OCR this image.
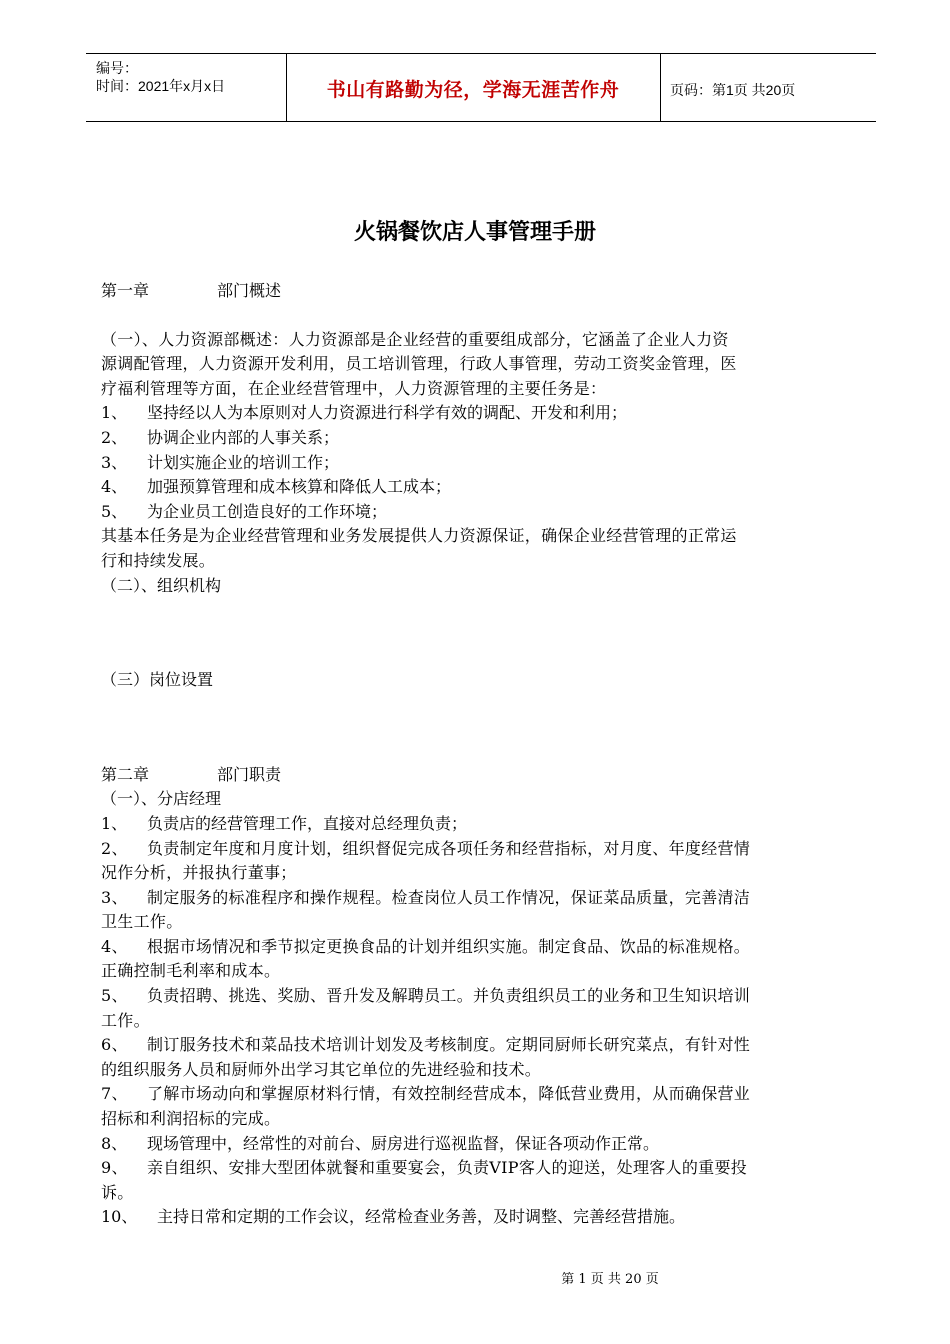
编号：
时间：2021年x月x日	书山有路勤为径，学海无涯苦作舟	页码：第1页 共20页
火锅餐饮店人事管理手册
第一章	部门概述
（一）、人力资源部概述：人力资源部是企业经营的重要组成部分，它涵盖了企业人力资
源调配管理，人力资源开发利用，员工培训管理，行政人事管理，劳动工资奖金管理，医
疗福利管理等方面，在企业经营管理中，人力资源管理的主要任务是：
1、 坚持经以人为本原则对人力资源进行科学有效的调配、开发和利用；
2、 协调企业内部的人事关系；
3、 计划实施企业的培训工作；
4、 加强预算管理和成本核算和降低人工成本；
5、 为企业员工创造良好的工作环境；
其基本任务是为企业经营管理和业务发展提供人力资源保证，确保企业经营管理的正常运
行和持续发展。
（二）、组织机构
（三）岗位设置
第二章	部门职责
（一）、分店经理
1、 负责店的经营管理工作，直接对总经理负责；
2、 负责制定年度和月度计划，组织督促完成各项任务和经营指标，对月度、年度经营情
况作分析，并报执行董事；
3、 制定服务的标准程序和操作规程。检查岗位人员工作情况，保证菜品质量，完善清洁
卫生工作。
4、 根据市场情况和季节拟定更换食品的计划并组织实施。制定食品、饮品的标准规格。
正确控制毛利率和成本。
5、 负责招聘、挑选、奖励、晋升发及解聘员工。并负责组织员工的业务和卫生知识培训
工作。
6、 制订服务技术和菜品技术培训计划发及考核制度。定期同厨师长研究菜点，有针对性
的组织服务人员和厨师外出学习其它单位的先进经验和技术。
7、 了解市场动向和掌握原材料行情，有效控制经营成本，降低营业费用，从而确保营业
招标和利润招标的完成。
8、 现场管理中，经常性的对前台、厨房进行巡视监督，保证各项动作正常。
9、 亲自组织、安排大型团体就餐和重要宴会，负责VIP客人的迎送，处理客人的重要投
诉。
10、 主持日常和定期的工作会议，经常检查业务善，及时调整、完善经营措施。
第 1 页 共 20 页
